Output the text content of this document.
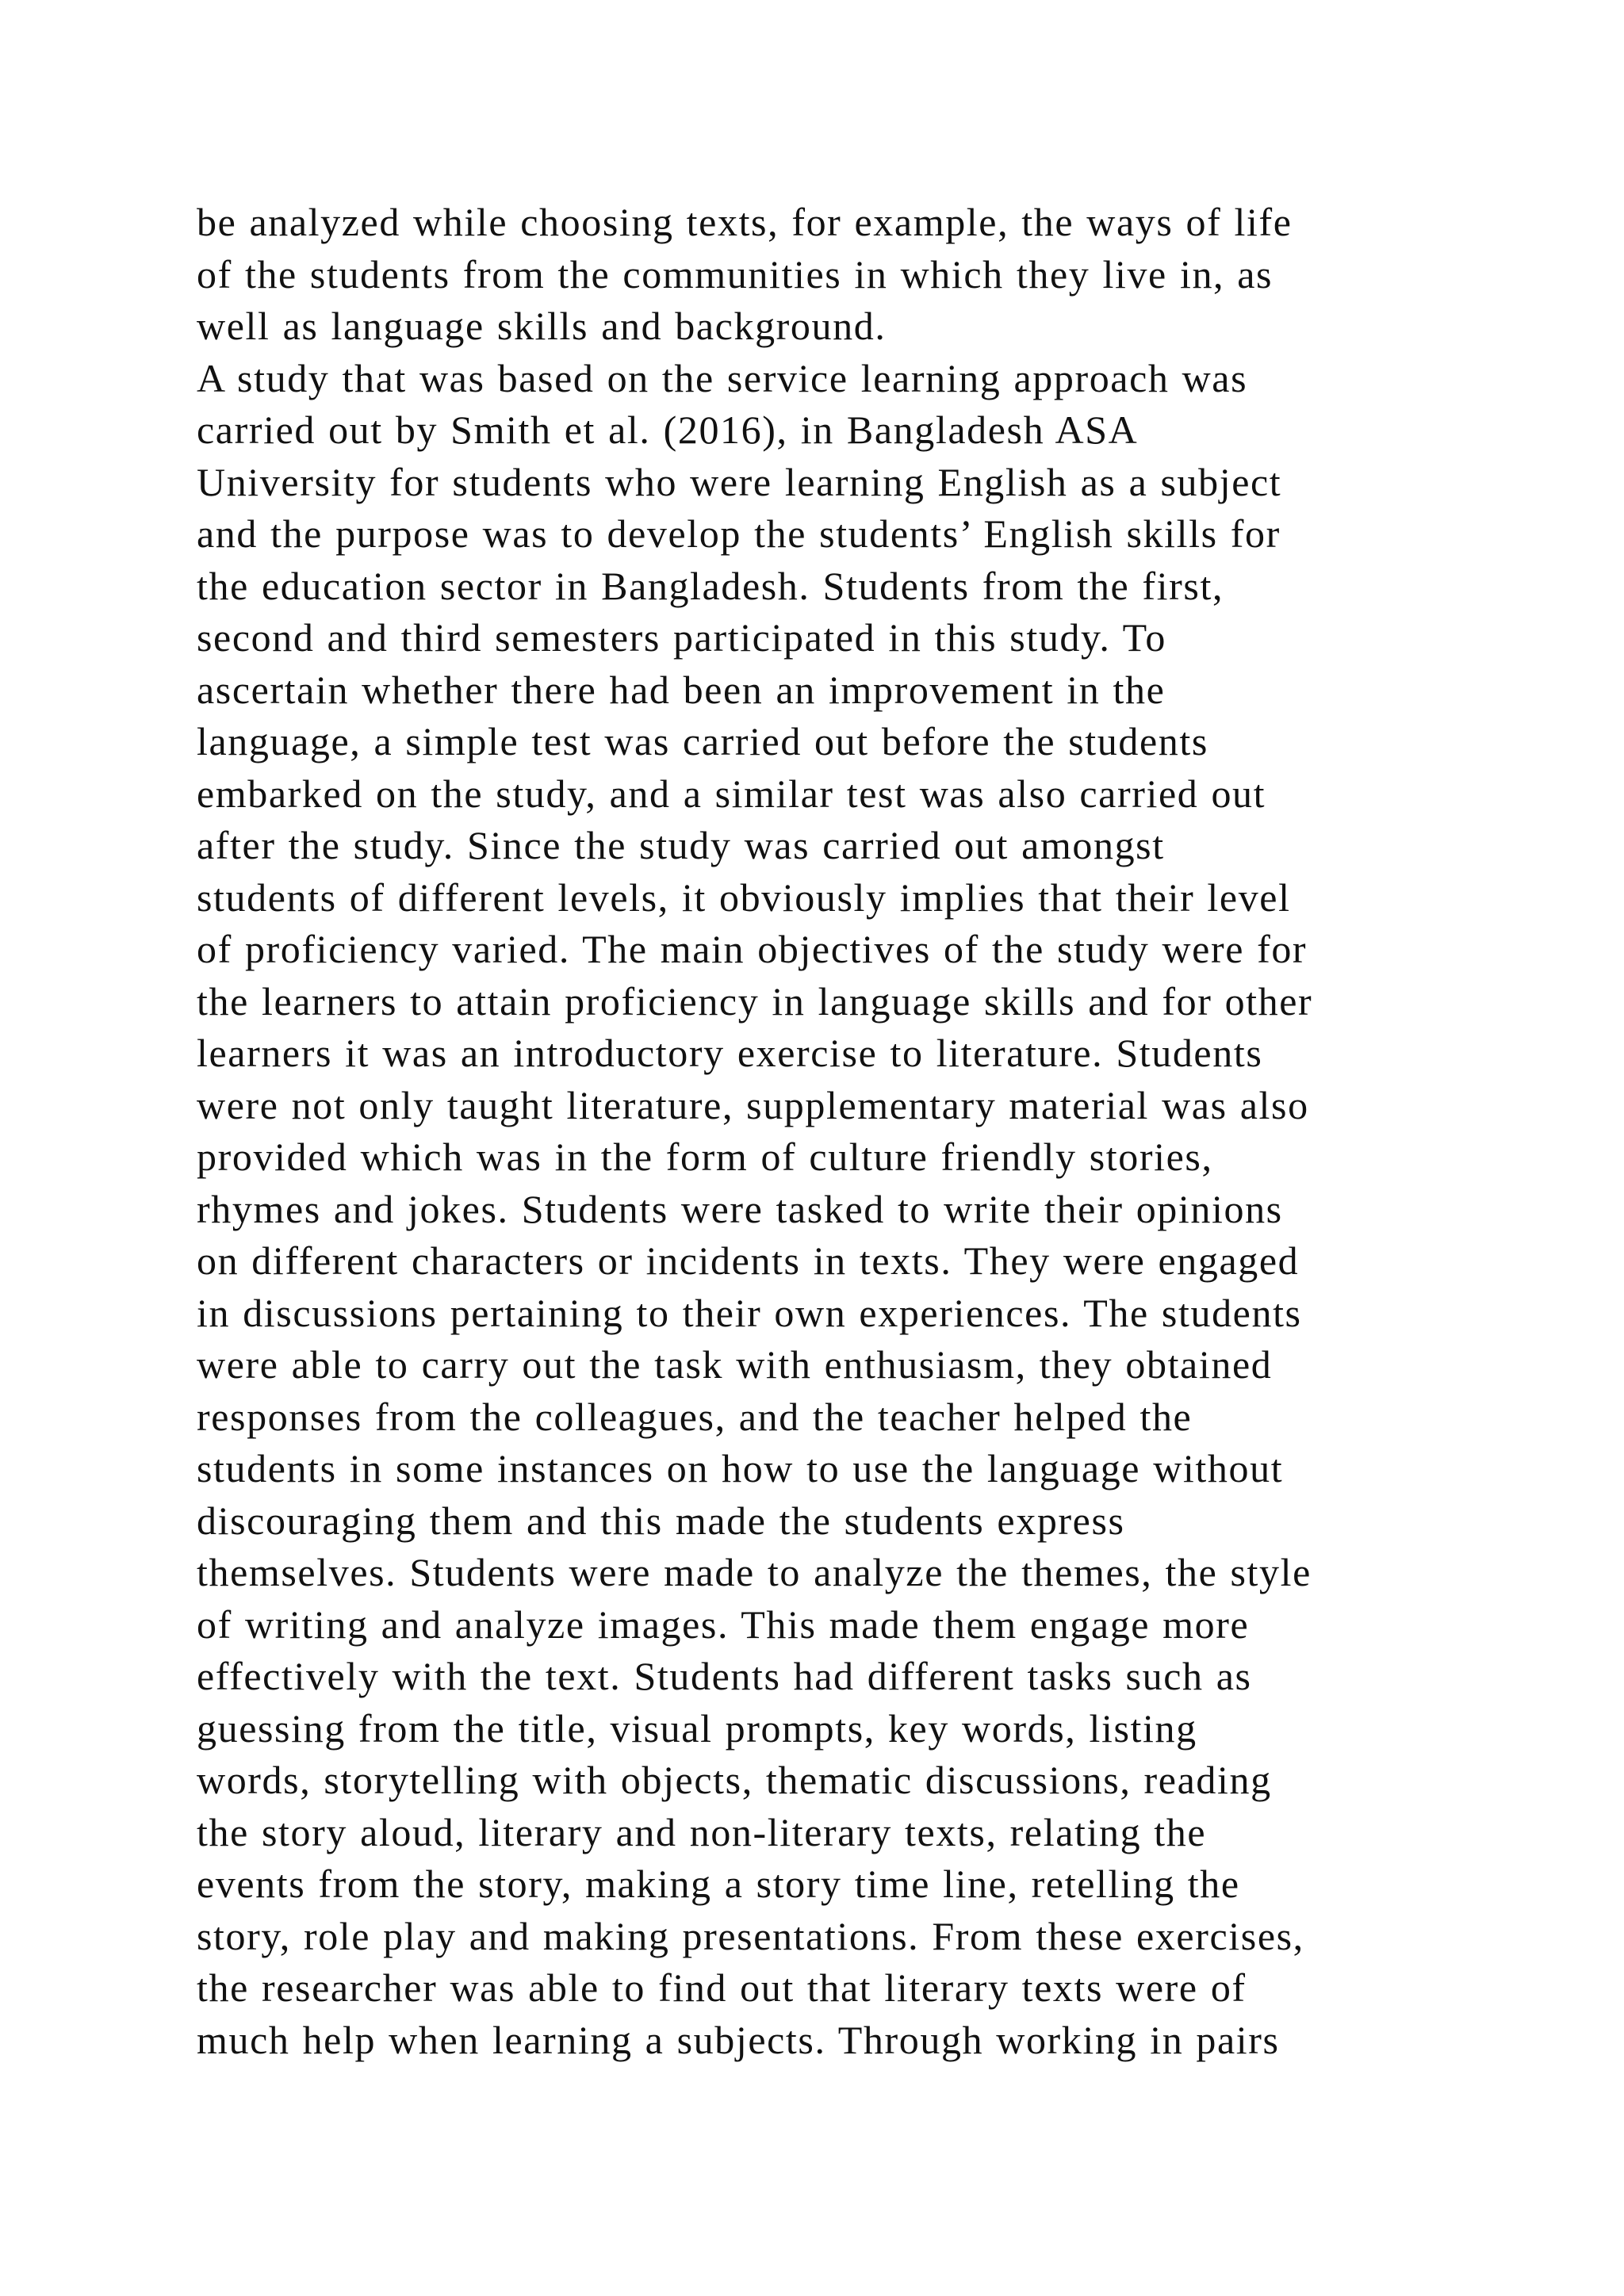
be analyzed while choosing texts, for example, the ways of life
of the students from the communities in which they live in, as
well as language skills and background.
A study that was based on the service learning approach was
carried out by Smith et al. (2016), in Bangladesh ASA
University for students who were learning English as a subject
and the purpose was to develop the students’ English skills for
the education sector in Bangladesh. Students from the first,
second and third semesters participated in this study. To
ascertain whether there had been an improvement in the
language, a simple test was carried out before the students
embarked on the study, and a similar test was also carried out
after the study. Since the study was carried out amongst
students of different levels, it obviously implies that their level
of proficiency varied. The main objectives of the study were for
the learners to attain proficiency in language skills and for other
learners it was an introductory exercise to literature. Students
were not only taught literature, supplementary material was also
provided which was in the form of culture friendly stories,
rhymes and jokes. Students were tasked to write their opinions
on different characters or incidents in texts. They were engaged
in discussions pertaining to their own experiences. The students
were able to carry out the task with enthusiasm, they obtained
responses from the colleagues, and the teacher helped the
students in some instances on how to use the language without
discouraging them and this made the students express
themselves. Students were made to analyze the themes, the style
of writing and analyze images. This made them engage more
effectively with the text. Students had different tasks such as
guessing from the title, visual prompts, key words, listing
words, storytelling with objects, thematic discussions, reading
the story aloud, literary and non-literary texts, relating the
events from the story, making a story time line, retelling the
story, role play and making presentations. From these exercises,
the researcher was able to find out that literary texts were of
much help when learning a subjects. Through working in pairs
